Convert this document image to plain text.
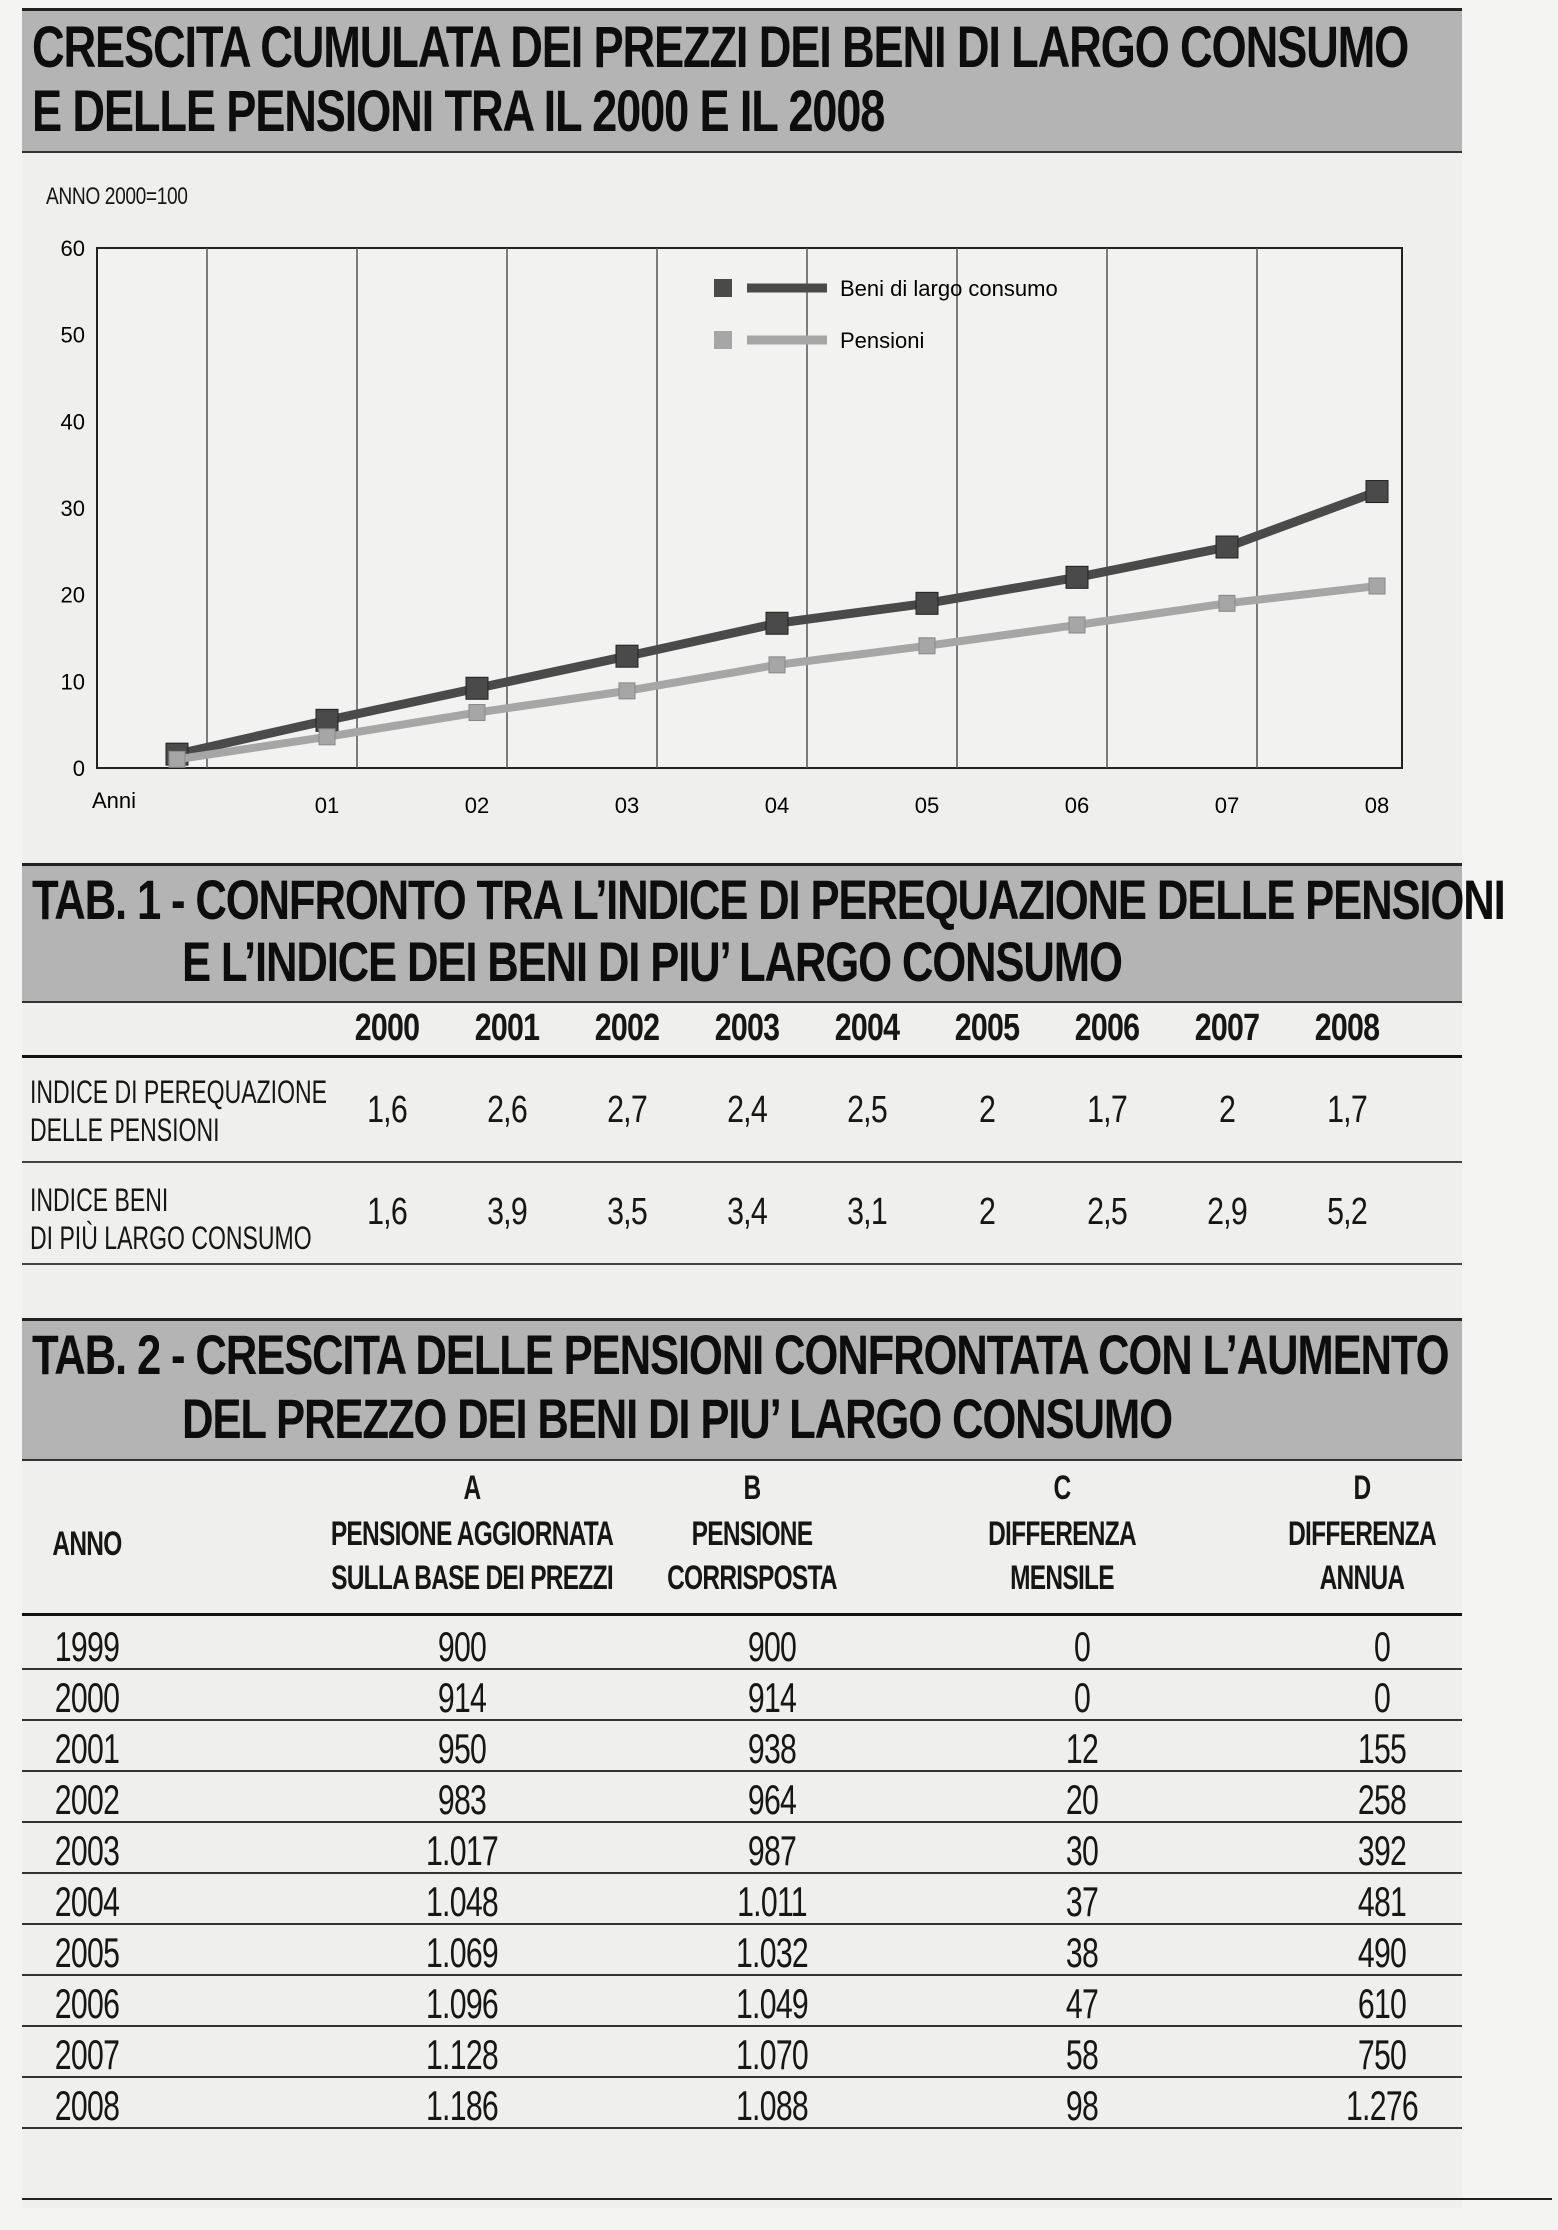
CRESCITA CUMULATA DEI PREZZI DEI BENI DI LARGO CONSUMO
E DELLE PENSIONI TRA IL 2000 E IL 2008
ANNO 2000=100
0
10
20
30
40
50
60
Anni	01	02	03	04	05	06	07	08
Beni di largo consumo
Pensioni
TAB. 1 - CONFRONTO TRA L’INDICE DI PEREQUAZIONE DELLE PENSIONI
E L’INDICE DEI BENI DI PIU’ LARGO CONSUMO
2000	2001	2002	2003	2004	2005	2006	2007	2008
INDICE DI PEREQUAZIONE
DELLE PENSIONI	1,6	2,6	2,7	2,4	2,5	2	1,7	2	1,7
INDICE BENI
DI PIÙ LARGO CONSUMO
1,6	3,9	3,5	3,4	3,1	2	2,5	2,9	5,2
TAB. 2 - CRESCITA DELLE PENSIONI CONFRONTATA CON L’AUMENTO
DEL PREZZO DEI BENI DI PIU’ LARGO CONSUMO
ANNO
A
PENSIONE AGGIORNATA
SULLA BASE DEI PREZZI
B
PENSIONE
CORRISPOSTA
C
DIFFERENZA
MENSILE
D
DIFFERENZA
ANNUA
1999	900	900	0	0
2000	914	914	0	0
2001	950	938	12	155
2002	983	964	20	258
2003	1.017	987	30	392
2004	1.048	1.011	37	481
2005	1.069	1.032	38	490
2006	1.096	1.049	47	610
2007	1.128	1.070	58	750
2008	1.186	1.088	98	1.276
